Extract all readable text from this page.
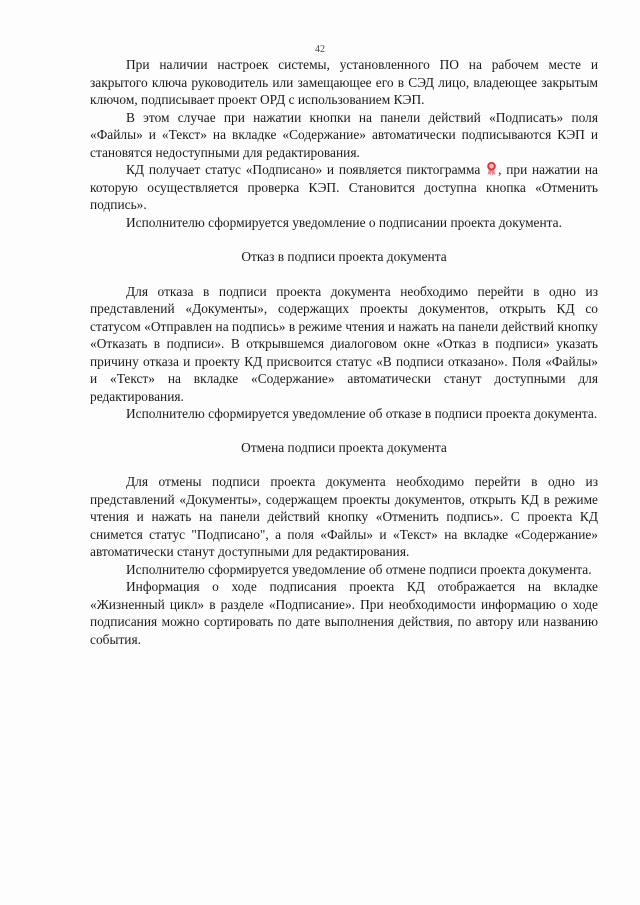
42

При наличии настроек системы, установленного ПО на рабочем месте и закрытого ключа руководитель или замещающее его в СЭД лицо, владеющее закрытым ключом, подписывает проект ОРД с использованием КЭП.

В этом случае при нажатии кнопки на панели действий «Подписать» поля «Файлы» и «Текст» на вкладке «Содержание» автоматически подписываются КЭП и становятся недоступными для редактирования.

КД получает статус «Подписано» и появляется пиктограмма , при нажатии на которую осуществляется проверка КЭП. Становится доступна кнопка «Отменить подпись».

Исполнителю сформируется уведомление о подписании проекта документа.

Отказ в подписи проекта документа

Для отказа в подписи проекта документа необходимо перейти в одно из представлений «Документы», содержащих проекты документов, открыть КД со статусом «Отправлен на подпись» в режиме чтения и нажать на панели действий кнопку «Отказать в подписи». В открывшемся диалоговом окне «Отказ в подписи» указать причину отказа и проекту КД присвоится статус «В подписи отказано». Поля «Файлы» и «Текст» на вкладке «Содержание» автоматически станут доступными для редактирования.

Исполнителю сформируется уведомление об отказе в подписи проекта документа.

Отмена подписи проекта документа

Для отмены подписи проекта документа необходимо перейти в одно из представлений «Документы», содержащем проекты документов, открыть КД в режиме чтения и нажать на панели действий кнопку «Отменить подпись». С проекта КД снимется статус "Подписано", а поля «Файлы» и «Текст» на вкладке «Содержание» автоматически станут доступными для редактирования.

Исполнителю сформируется уведомление об отмене подписи проекта документа.

Информация о ходе подписания проекта КД отображается на вкладке «Жизненный цикл» в разделе «Подписание». При необходимости информацию о ходе подписания можно сортировать по дате выполнения действия, по автору или названию события.
